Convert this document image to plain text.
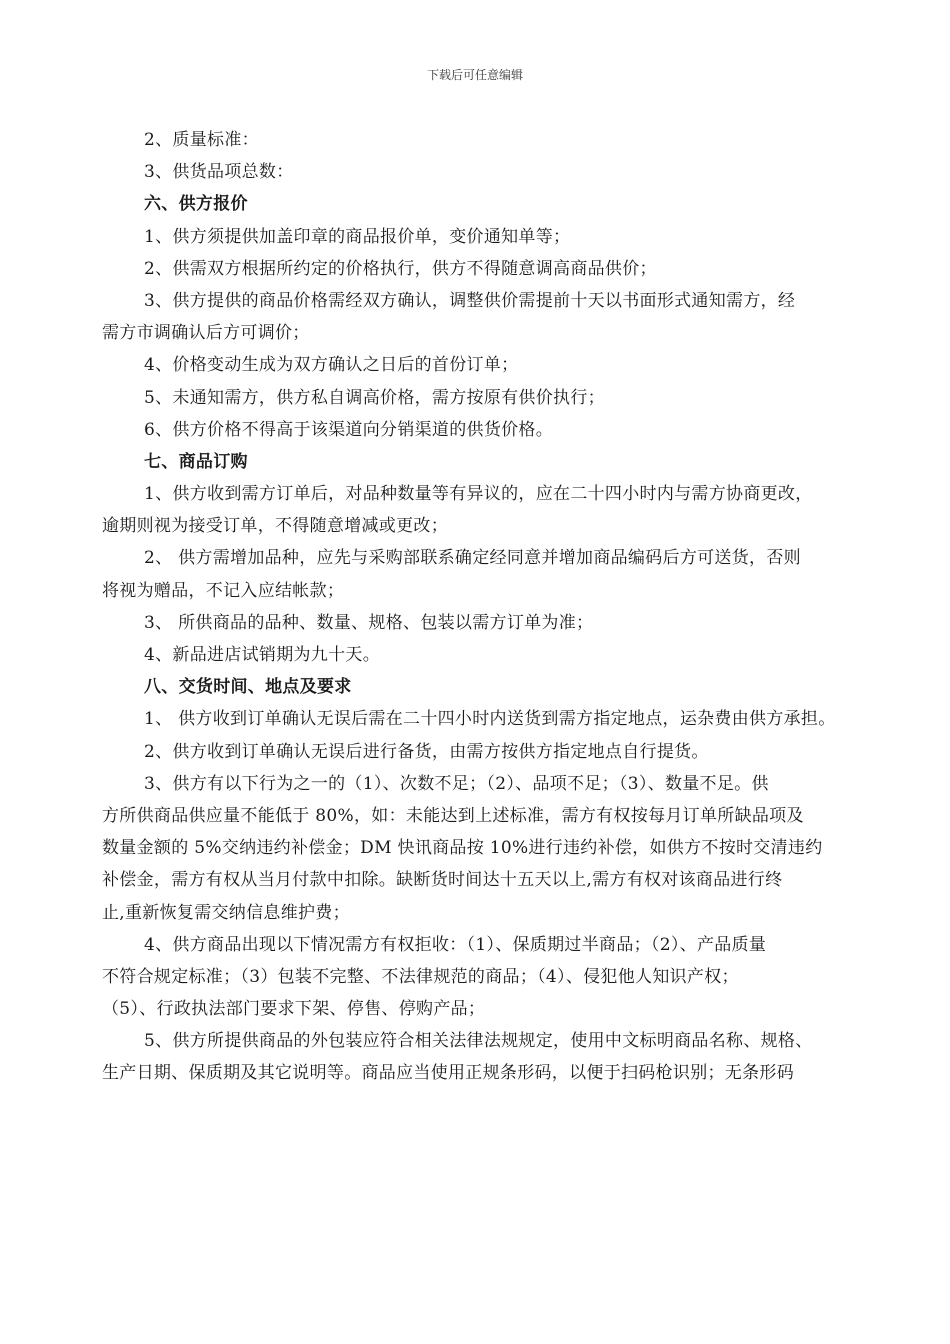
下载后可任意编辑
2、质量标准：
3、供货品项总数：
六、供方报价
1、供方须提供加盖印章的商品报价单，变价通知单等；
2、供需双方根据所约定的价格执行，供方不得随意调高商品供价；
3、供方提供的商品价格需经双方确认，调整供价需提前十天以书面形式通知需方，经
需方市调确认后方可调价；
4、价格变动生成为双方确认之日后的首份订单；
5、未通知需方，供方私自调高价格，需方按原有供价执行；
6、供方价格不得高于该渠道向分销渠道的供货价格。
七、商品订购
1、供方收到需方订单后，对品种数量等有异议的，应在二十四小时内与需方协商更改，
逾期则视为接受订单，不得随意增减或更改；
2、 供方需增加品种，应先与采购部联系确定经同意并增加商品编码后方可送货，否则
将视为赠品，不记入应结帐款；
3、 所供商品的品种、数量、规格、包装以需方订单为准；
4、新品进店试销期为九十天。
八、交货时间、地点及要求
1、 供方收到订单确认无误后需在二十四小时内送货到需方指定地点，运杂费由供方承担。
2、供方收到订单确认无误后进行备货，由需方按供方指定地点自行提货。
3、供方有以下行为之一的（1）、次数不足；（2）、品项不足；（3）、数量不足。供
方所供商品供应量不能低于 80%，如：未能达到上述标准，需方有权按每月订单所缺品项及
数量金额的 5%交纳违约补偿金；DM 快讯商品按 10%进行违约补偿，如供方不按时交清违约
补偿金，需方有权从当月付款中扣除。缺断货时间达十五天以上,需方有权对该商品进行终
止,重新恢复需交纳信息维护费；
4、供方商品出现以下情况需方有权拒收：（1）、保质期过半商品；（2）、产品质量
不符合规定标准；（3）包装不完整、不法律规范的商品；（4）、侵犯他人知识产权；
（5）、行政执法部门要求下架、停售、停购产品；
5、供方所提供商品的外包装应符合相关法律法规规定，使用中文标明商品名称、规格、
生产日期、保质期及其它说明等。商品应当使用正规条形码，以便于扫码枪识别；无条形码
